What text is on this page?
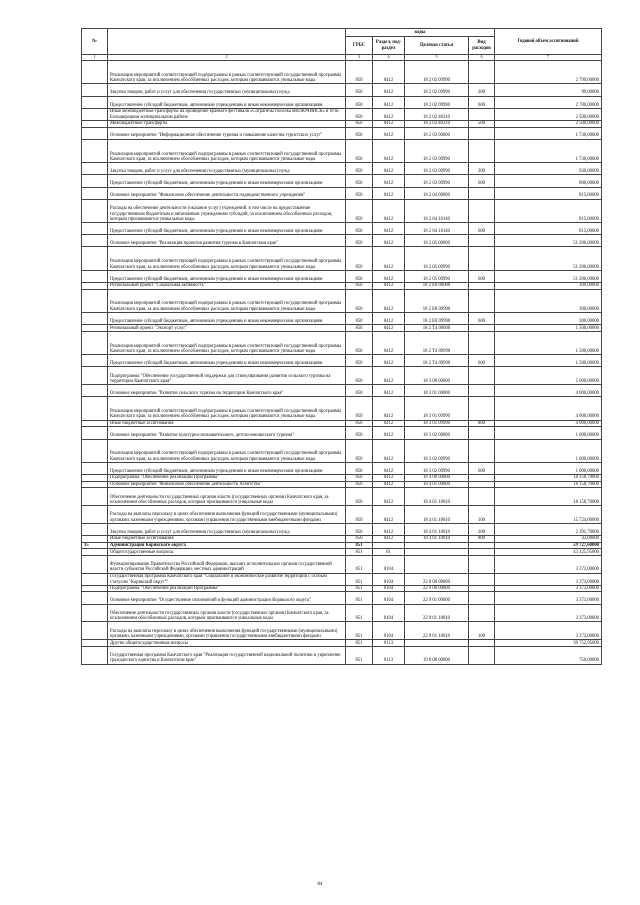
№		коды				Годовой объем ассигнований
		ГРБС	Раздел, под-раздел	Целевая статья	Вид расходов	
1	2	3	4	5	6	7
	Реализация мероприятий соответствующей подпрограммы в рамках соответствующей государственной программы Камчатского края, за исключением обособленных расходов, которым присваиваются уникальные коды	850	0412	18 2 02 09990		2 799,00000
	Закупка товаров, работ и услуг для обеспечения государственных (муниципальных) нужд	850	0412	18 2 02 09990	200	99,00000
	Предоставление субсидий бюджетным, автономным учреждениям и иным некоммерческим организациям	850	0412	18 2 02 09990	600	2 700,00000
	Иные межбюджетные трансферты на проведение краевого фестиваля «Сотрапезы поселка ВИЛЮЧИНСК» в Усть-Большерецком муниципальном районе	850	0412	18 2 02 40310		2 500,00000
	Межбюджетные трансферты	850	0412	18 2 02 40310	500	2 500,00000
	Основное мероприятие "Информационное обеспечение туризма и повышение качества туристских услуг"	850	0412	18 2 03 00000		1 730,00000
	Реализация мероприятий соответствующей подпрограммы в рамках соответствующей государственной программы Камчатского края, за исключением обособленных расходов, которым присваиваются уникальные коды	850	0412	18 2 03 09990		1 730,00000
	Закупка товаров, работ и услуг для обеспечения государственных (муниципальных) нужд	850	0412	18 2 03 09990	200	930,00000
	Предоставление субсидий бюджетным, автономным учреждениям и иным некоммерческим организациям	850	0412	18 2 03 09990	600	800,00000
	Основное мероприятие "Финансовое обеспечение деятельности подведомственного учреждения"	850	0412	18 2 04 00000		815,00000
	Расходы на обеспечение деятельности (оказание услуг) учреждений, в том числе на предоставление государственным бюджетным и автономным учреждениям субсидий, за исключением обособленных расходов, которым присваиваются уникальные коды	850	0412	18 2 04 10140		815,00000
	Предоставление субсидий бюджетным, автономным учреждениям и иным некоммерческим организациям	850	0412	18 2 04 10140	600	815,00000
	Основное мероприятие "Реализация проектов развития туризма в Камчатском крае"	850	0412	18 2 05 00000		51 206,00000
	Реализация мероприятий соответствующей подпрограммы в рамках соответствующей государственной программы Камчатского края, за исключением обособленных расходов, которым присваиваются уникальные коды	850	0412	18 2 05 09990		51 206,00000
	Предоставление субсидий бюджетным, автономным учреждениям и иным некоммерческим организациям	850	0412	18 2 05 09990	600	51 206,00000
	Региональный проект "Социальная активность"	850	0412	18 2 E8 00000		300,00000
	Реализация мероприятий соответствующей подпрограммы в рамках соответствующей государственной программы Камчатского края, за исключением обособленных расходов, которым присваиваются уникальные коды	850	0412	18 2 E8 09990		300,00000
	Предоставление субсидий бюджетным, автономным учреждениям и иным некоммерческим организациям	850	0412	18 2 E8 09990	600	300,00000
	Региональный проект "Экспорт услуг"	850	0412	18 2 T4 00000		1 500,00000
	Реализация мероприятий соответствующей подпрограммы в рамках соответствующей государственной программы Камчатского края, за исключением обособленных расходов, которым присваиваются уникальные коды	850	0412	18 2 T4 09990		1 500,00000
	Предоставление субсидий бюджетным, автономным учреждениям и иным некоммерческим организациям	850	0412	18 2 T4 09990	600	1 500,00000
	Подпрограмма "Обеспечение государственной поддержки для стимулирования развития сельского туризма на территории Камчатского края"	850	0412	18 3 00 00000		5 000,00000
	Основное мероприятие "Развитие сельского туризма на территории Камчатского края"	850	0412	18 3 01 00000		4 000,00000
	Реализация мероприятий соответствующей подпрограммы в рамках соответствующей государственной программы Камчатского края, за исключением обособленных расходов, которым присваиваются уникальные коды	850	0412	18 3 01 09990		4 000,00000
	Иные бюджетные ассигнования	850	0412	18 3 01 09990	800	4 000,00000
	Основное мероприятие "Развитие культурно-познавательного, детско-юношеского туризма"	850	0412	18 3 02 00000		1 000,00000
	Реализация мероприятий соответствующей подпрограммы в рамках соответствующей государственной программы Камчатского края, за исключением обособленных расходов, которым присваиваются уникальные коды	850	0412	18 3 02 09990		1 000,00000
	Предоставление субсидий бюджетным, автономным учреждениям и иным некоммерческим организациям	850	0412	18 3 02 09990	600	1 000,00000
	Подпрограмма "Обеспечение реализации Программы"	850	0412	18 4 00 00000		18 158,70000
	Основное мероприятие "Финансовое обеспечение деятельности Агентства"	850	0412	18 4 01 00000		18 158,70000
	Обеспечение деятельности государственных органов власти (государственных органов) Камчатского края, за исключением обособленных расходов, которым присваиваются уникальные коды	850	0412	18 4 01 10010		18 158,70000
	Расходы на выплаты персоналу в целях обеспечения выполнения функций государственными (муниципальными) органами, казенными учреждениями, органами управления государственными внебюджетными фондами	850	0412	18 4 01 10010	100	15 724,00000
	Закупка товаров, работ и услуг для обеспечения государственных (муниципальных) нужд	850	0412	18 4 01 10010	200	2 391,70000
	Иные бюджетные ассигнования	850	0412	18 4 01 10010	800	43,00000
35	Администрация Корякского округа	851				59 727,60000
	Общегосударственные вопросы	851	01			43 125,95000
	Функционирование Правительства Российской Федерации, высших исполнительных органов государственной власти субъектов Российской Федерации, местных администраций	851	0104			3 373,00000
	Государственная программа Камчатского края "Социальное и экономическое развитие территории с особым статусом "Корякский округ""	851	0104	22 0 00 00000		3 373,00000
	Подпрограмма "Обеспечение реализации Программы"	851	0104	22 9 00 00000		3 373,00000
	Основное мероприятие "Осуществление полномочий в функций администрации Корякского округа"	851	0104	22 9 01 00000		3 373,00000
	Обеспечение деятельности государственных органов власти (государственных органов) Камчатского края, за исключением обособленных расходов, которым присваиваются уникальные коды	851	0104	22 9 01 10010		3 373,00000
	Расходы на выплаты персоналу в целях обеспечения выполнения функций государственными (муниципальными) органами, казенными учреждениями, органами управления государственными внебюджетными фондами	851	0104	22 9 01 10010	100	3 373,00000
	Другие общегосударственные вопросы	851	0113			39 752,95000
	Государственная программа Камчатского края "Реализация государственной национальной политики и укрепление гражданского единства в Камчатском крае"	851	0113	19 0 00 00000		750,00000
84
